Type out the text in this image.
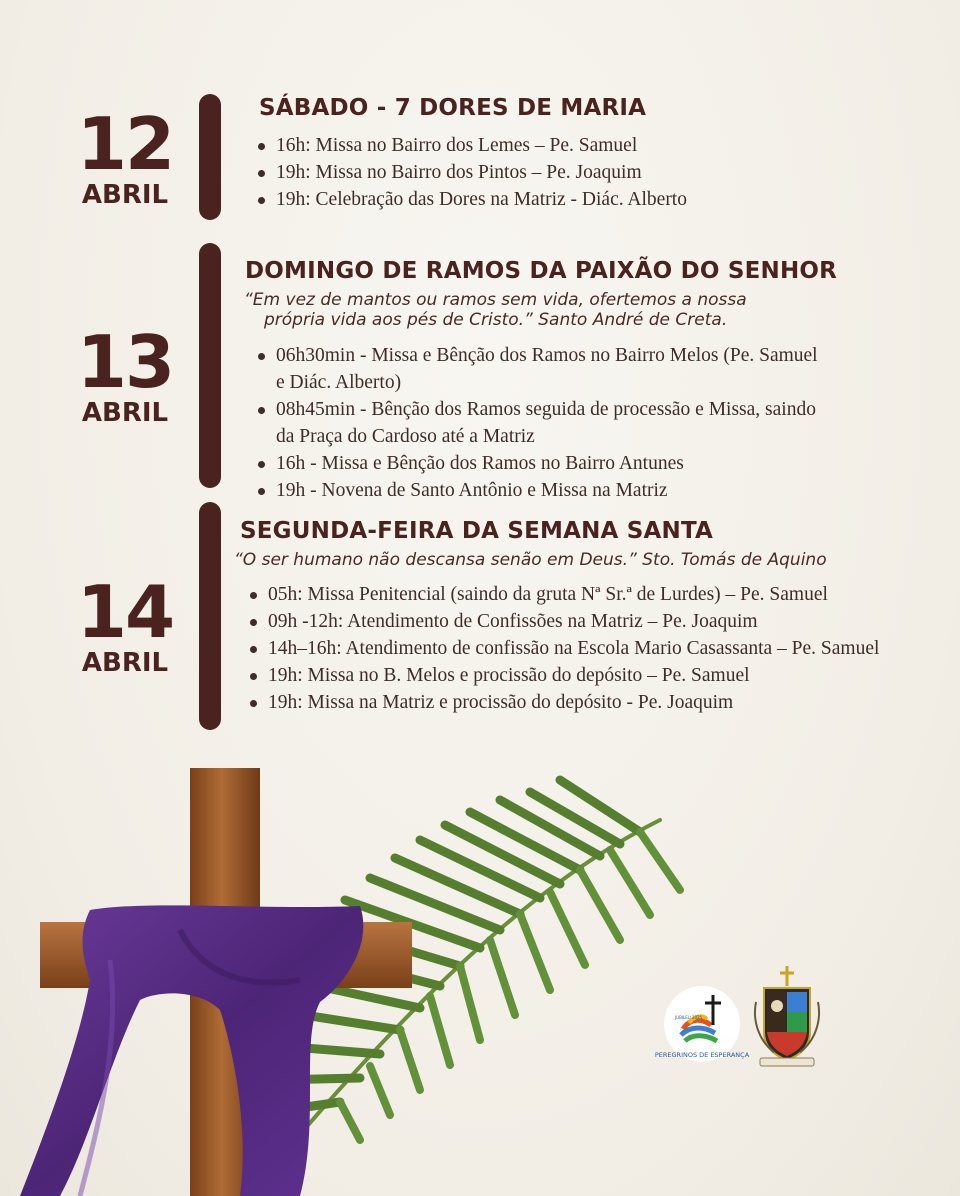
12
ABRIL
SÁBADO - 7 DORES DE MARIA
16h: Missa no Bairro dos Lemes – Pe. Samuel
19h: Missa no Bairro dos Pintos – Pe. Joaquim
19h: Celebração das Dores na Matriz - Diác. Alberto
13
ABRIL
DOMINGO DE RAMOS DA PAIXÃO DO SENHOR
“Em vez de mantos ou ramos sem vida, ofertemos a nossa
própria vida aos pés de Cristo.” Santo André de Creta.
06h30min - Missa e Bênção dos Ramos no Bairro Melos (Pe. Samuel
e Diác. Alberto)
08h45min - Bênção dos Ramos seguida de processão e Missa, saindo
da Praça do Cardoso até a Matriz
16h - Missa e Bênção dos Ramos no Bairro Antunes
19h - Novena de Santo Antônio e Missa na Matriz
14
ABRIL
SEGUNDA-FEIRA DA SEMANA SANTA
“O ser humano não descansa senão em Deus.” Sto. Tomás de Aquino
05h: Missa Penitencial (saindo da gruta Nª Sr.ª de Lurdes) – Pe. Samuel
09h -12h: Atendimento de Confissões na Matriz – Pe. Joaquim
14h–16h: Atendimento de confissão na Escola Mario Casassanta – Pe. Samuel
19h: Missa no B. Melos e procissão do depósito – Pe. Samuel
19h: Missa na Matriz e procissão do depósito - Pe. Joaquim
PEREGRINOS DE ESPERANÇA
JUBILEU 2025
